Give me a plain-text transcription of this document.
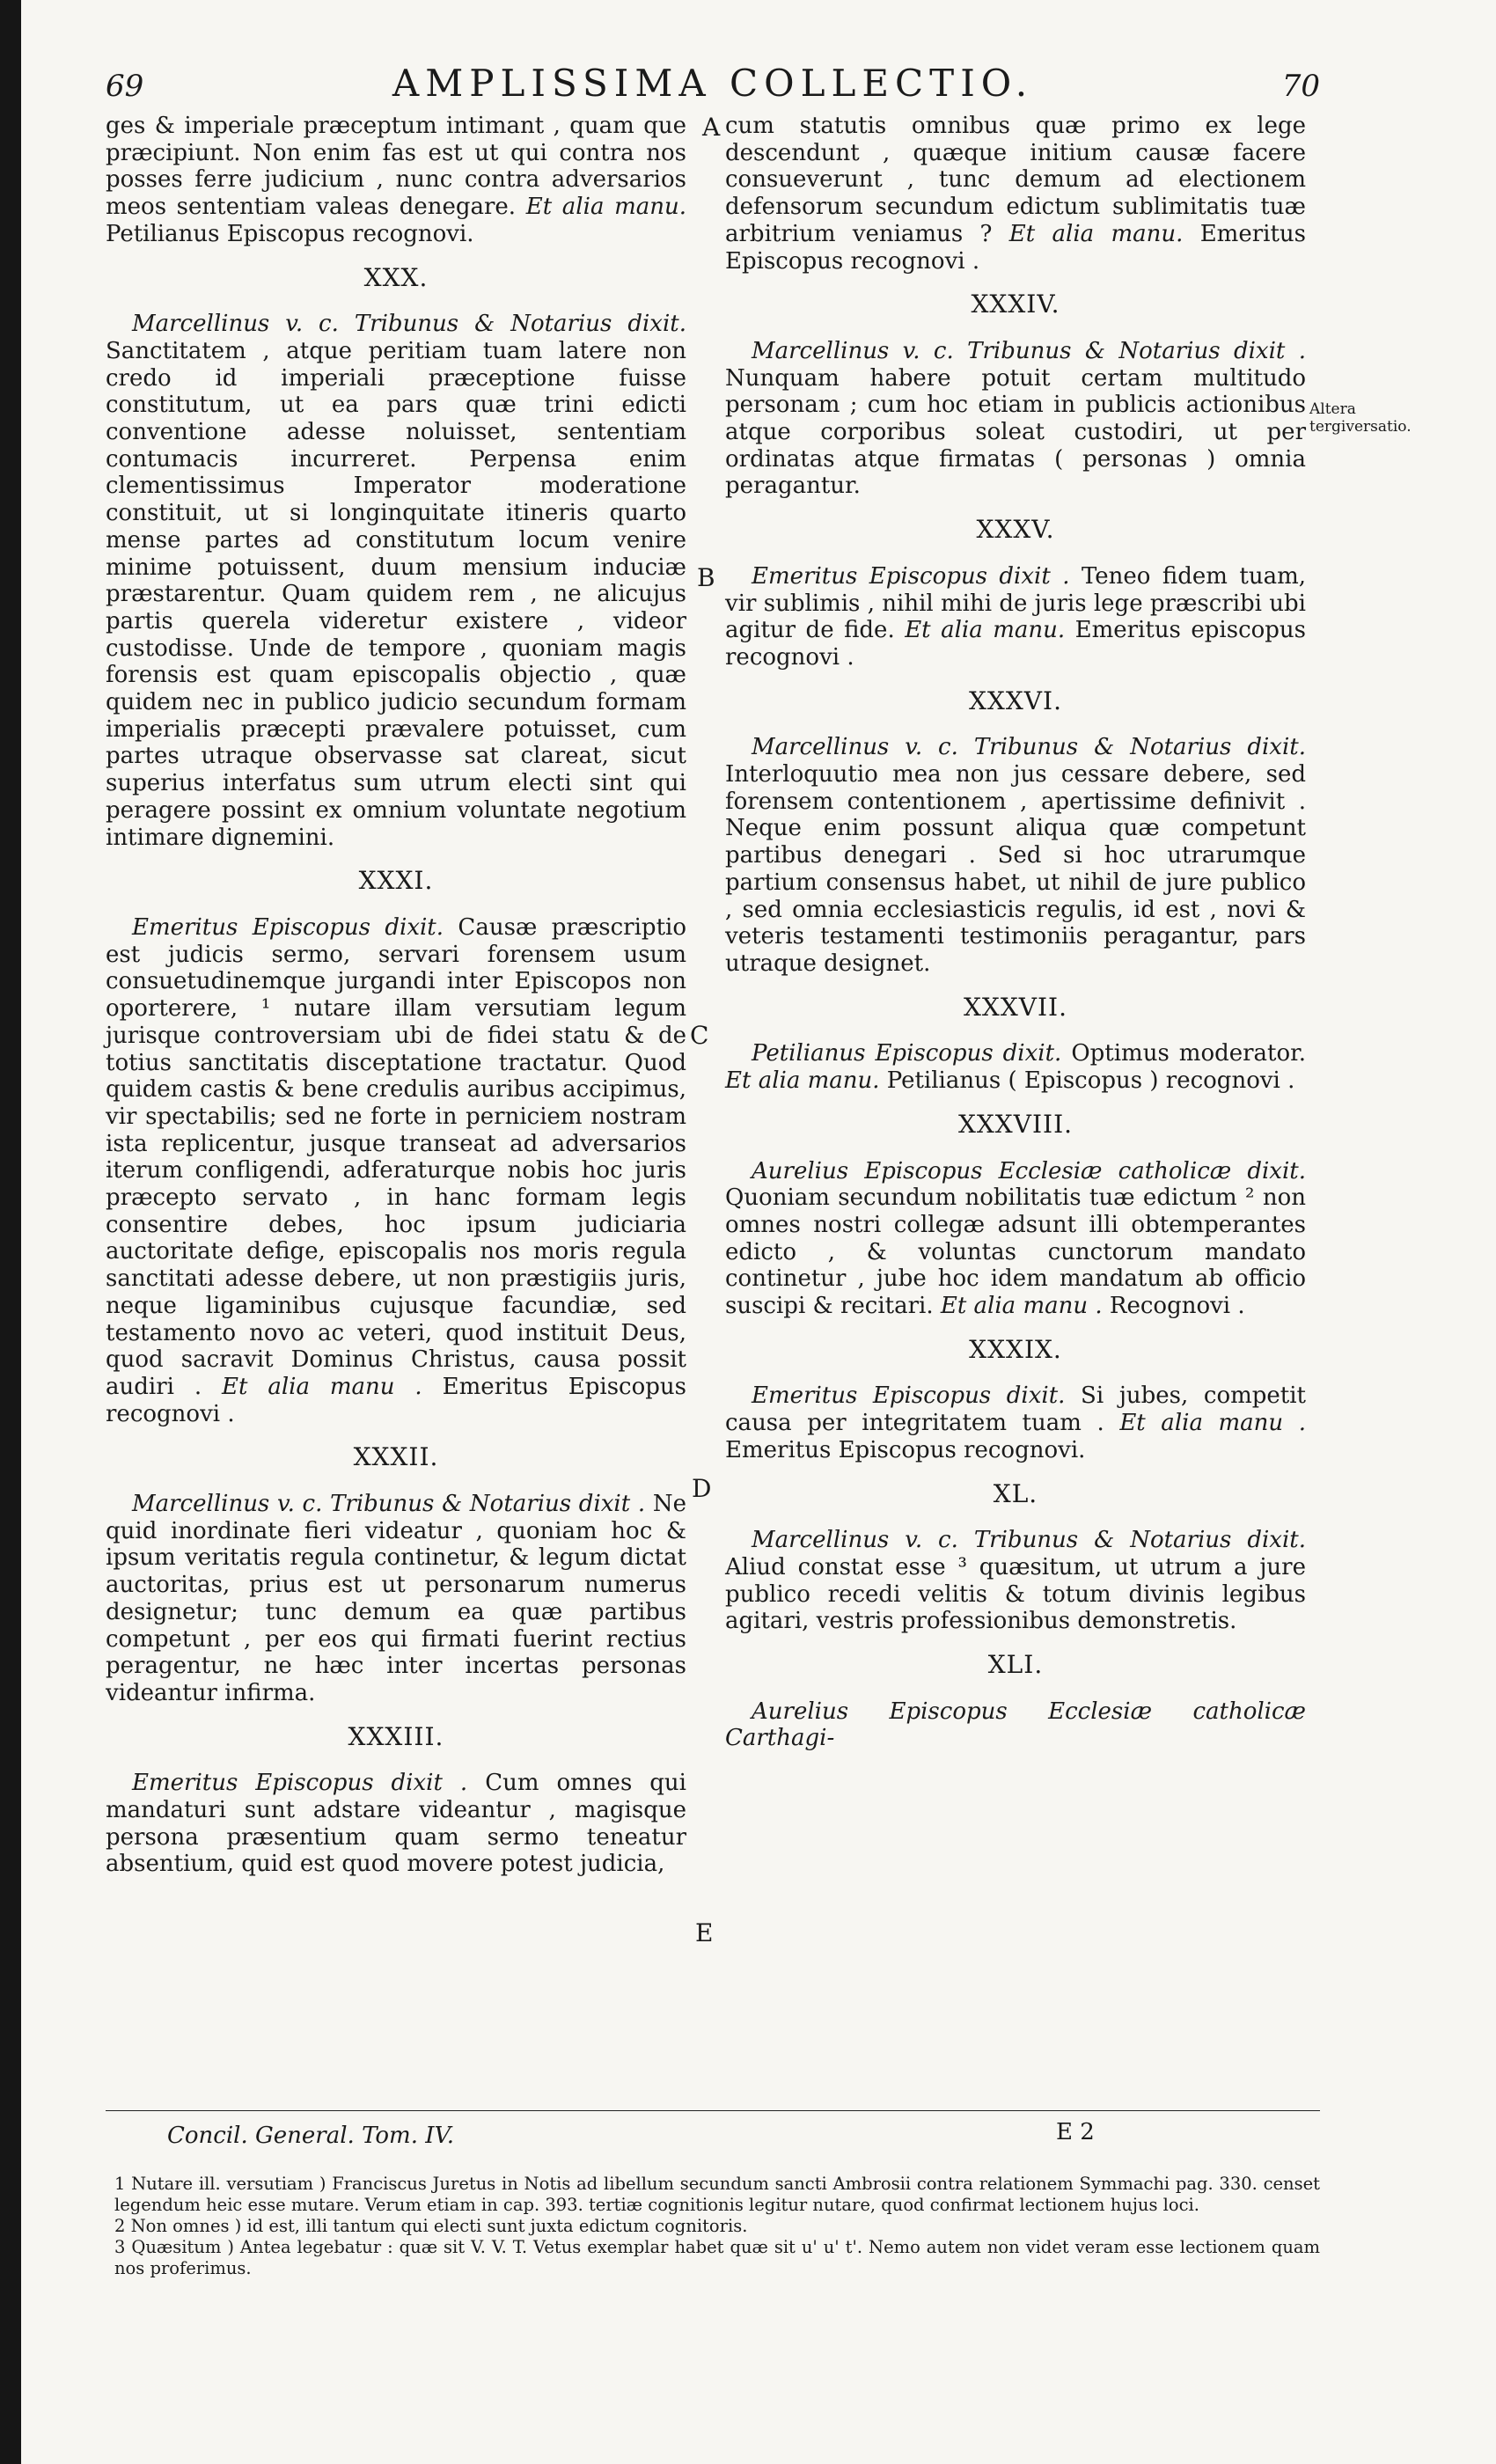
69	AMPLISSIMA COLLECTIO.	70

ges & imperiale præceptum intimant , quam que præcipiunt. Non enim fas est ut qui contra nos posses ferre judicium , nunc contra adversarios meos sententiam valeas denegare. Et alia manu. Petilianus Episcopus recognovi.

XXX.

Marcellinus v. c. Tribunus & Notarius dixit. Sanctitatem , atque peritiam tuam latere non credo id imperiali præceptione fuisse constitutum, ut ea pars quæ trini edicti conventione adesse noluisset, sententiam contumacis incurreret. Perpensa enim clementissimus Imperator moderatione constituit, ut si longinquitate itineris quarto mense partes ad constitutum locum venire minime potuissent, duum mensium induciæ præstarentur. Quam quidem rem , ne alicujus partis querela videretur existere , videor custodisse. Unde de tempore , quoniam magis forensis est quam episcopalis objectio , quæ quidem nec in publico judicio secundum formam imperialis præcepti prævalere potuisset, cum partes utraque observasse sat clareat, sicut superius interfatus sum utrum electi sint qui peragere possint ex omnium voluntate negotium intimare dignemini.

XXXI.

Emeritus Episcopus dixit. Causæ præscriptio est judicis sermo, servari forensem usum consuetudinemque jurgandi inter Episcopos non oporterere, ¹ nutare illam versutiam legum jurisque controversiam ubi de fidei statu & de totius sanctitatis disceptatione tractatur. Quod quidem castis & bene credulis auribus accipimus, vir spectabilis; sed ne forte in perniciem nostram ista replicentur, jusque transeat ad adversarios iterum confligendi, adferaturque nobis hoc juris præcepto servato , in hanc formam legis consentire debes, hoc ipsum judiciaria auctoritate defige, episcopalis nos moris regula sanctitati adesse debere, ut non præstigiis juris, neque ligaminibus cujusque facundiæ, sed testamento novo ac veteri, quod instituit Deus, quod sacravit Dominus Christus, causa possit audiri . Et alia manu . Emeritus Episcopus recognovi .

XXXII.

Marcellinus v. c. Tribunus & Notarius dixit . Ne quid inordinate fieri videatur , quoniam hoc & ipsum veritatis regula continetur, & legum dictat auctoritas, prius est ut personarum numerus designetur; tunc demum ea quæ partibus competunt , per eos qui firmati fuerint rectius peragentur, ne hæc inter incertas personas videantur infirma.

XXXIII.

Emeritus Episcopus dixit . Cum omnes qui mandaturi sunt adstare videantur , magisque persona præsentium quam sermo teneatur absentium, quid est quod movere potest judicia,

cum statutis omnibus quæ primo ex lege descendunt , quæque initium causæ facere consueverunt , tunc demum ad electionem defensorum secundum edictum sublimitatis tuæ arbitrium veniamus ? Et alia manu. Emeritus Episcopus recognovi .

XXXIV.

Marcellinus v. c. Tribunus & Notarius dixit . Nunquam habere potuit certam multitudo personam ; cum hoc etiam in publicis actionibus atque corporibus soleat custodiri, ut per ordinatas atque firmatas ( personas ) omnia peragantur.

XXXV.

Emeritus Episcopus dixit . Teneo fidem tuam, vir sublimis , nihil mihi de juris lege præscribi ubi agitur de fide. Et alia manu. Emeritus episcopus recognovi .

XXXVI.

Marcellinus v. c. Tribunus & Notarius dixit. Interloquutio mea non jus cessare debere, sed forensem contentionem , apertissime definivit . Neque enim possunt aliqua quæ competunt partibus denegari . Sed si hoc utrarumque partium consensus habet, ut nihil de jure publico , sed omnia ecclesiasticis regulis, id est , novi & veteris testamenti testimoniis peragantur, pars utraque designet.

XXXVII.

Petilianus Episcopus dixit. Optimus moderator. Et alia manu. Petilianus ( Episcopus ) recognovi .

XXXVIII.

Aurelius Episcopus Ecclesiæ catholicæ dixit. Quoniam secundum nobilitatis tuæ edictum ² non omnes nostri collegæ adsunt illi obtemperantes edicto , & voluntas cunctorum mandato continetur , jube hoc idem mandatum ab officio suscipi & recitari. Et alia manu . Recognovi .

XXXIX.

Emeritus Episcopus dixit. Si jubes, competit causa per integritatem tuam . Et alia manu . Emeritus Episcopus recognovi.

XL.

Marcellinus v. c. Tribunus & Notarius dixit. Aliud constat esse ³ quæsitum, ut utrum a jure publico recedi velitis & totum divinis legibus agitari, vestris professionibus demonstretis.

XLI.

Aurelius Episcopus Ecclesiæ catholicæ Carthagi-

A
B
C
D
E
Altera tergiversatio.
Concil. General. Tom. IV.	E 2

1 Nutare ill. versutiam ) Franciscus Juretus in Notis ad libellum secundum sancti Ambrosii contra relationem Symmachi pag. 330. censet legendum heic esse mutare. Verum etiam in cap. 393. tertiæ cognitionis legitur nutare, quod confirmat lectionem hujus loci.

2 Non omnes ) id est, illi tantum qui electi sunt juxta edictum cognitoris.

3 Quæsitum ) Antea legebatur : quæ sit V. V. T. Vetus exemplar habet quæ sit u' u' t'. Nemo autem non videt veram esse lectionem quam nos proferimus.
